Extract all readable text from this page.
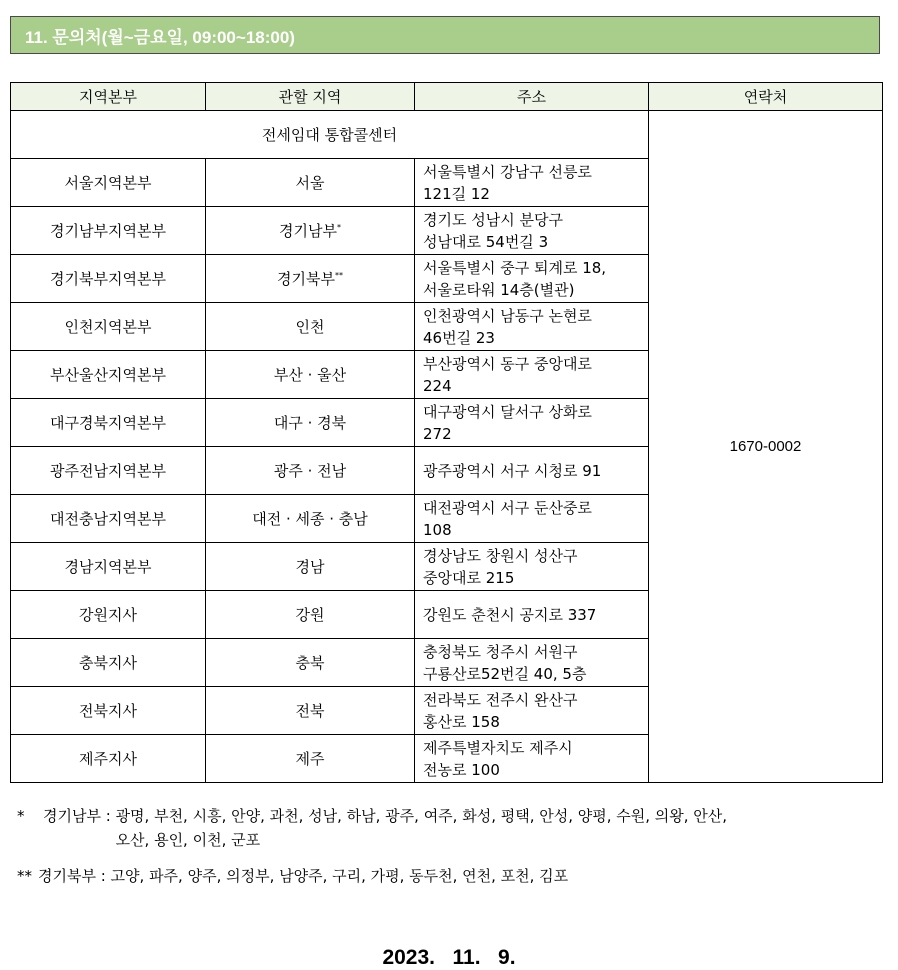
11. 문의처(월~금요일, 09:00~18:00)
지역본부	관할 지역	주소	연락처
전세임대 통합콜센터			1670-0002
서울지역본부	서울	서울특별시 강남구 선릉로
121길 12	

경기남부지역본부	경기남부*	경기도 성남시 분당구
성남대로 54번길 3	

경기북부지역본부	경기북부**	서울특별시 중구 퇴계로 18,
서울로타워 14층(별관)	

인천지역본부	인천	인천광역시 남동구 논현로
46번길 23	

부산울산지역본부	부산 · 울산	부산광역시 동구 중앙대로
224	

대구경북지역본부	대구 · 경북	대구광역시 달서구 상화로
272	

광주전남지역본부	광주 · 전남	광주광역시 서구 시청로 91	

대전충남지역본부	대전 · 세종 · 충남	대전광역시 서구 둔산중로
108	

경남지역본부	경남	경상남도 창원시 성산구
중앙대로 215	

강원지사	강원	강원도 춘천시 공지로 337	

충북지사	충북	충청북도 청주시 서원구
구룡산로52번길 40, 5층	

전북지사	전북	전라북도 전주시 완산구
홍산로 158	

제주지사	제주	제주특별자치도 제주시
전농로 100	
* 경기남부 : 광명, 부천, 시흥, 안양, 과천, 성남, 하남, 광주, 여주, 화성, 평택, 안성, 양평, 수원, 의왕, 안산,
오산, 용인, 이천, 군포
** 경기북부 : 고양, 파주, 양주, 의정부, 남양주, 구리, 가평, 동두천, 연천, 포천, 김포
2023.   11.   9.
